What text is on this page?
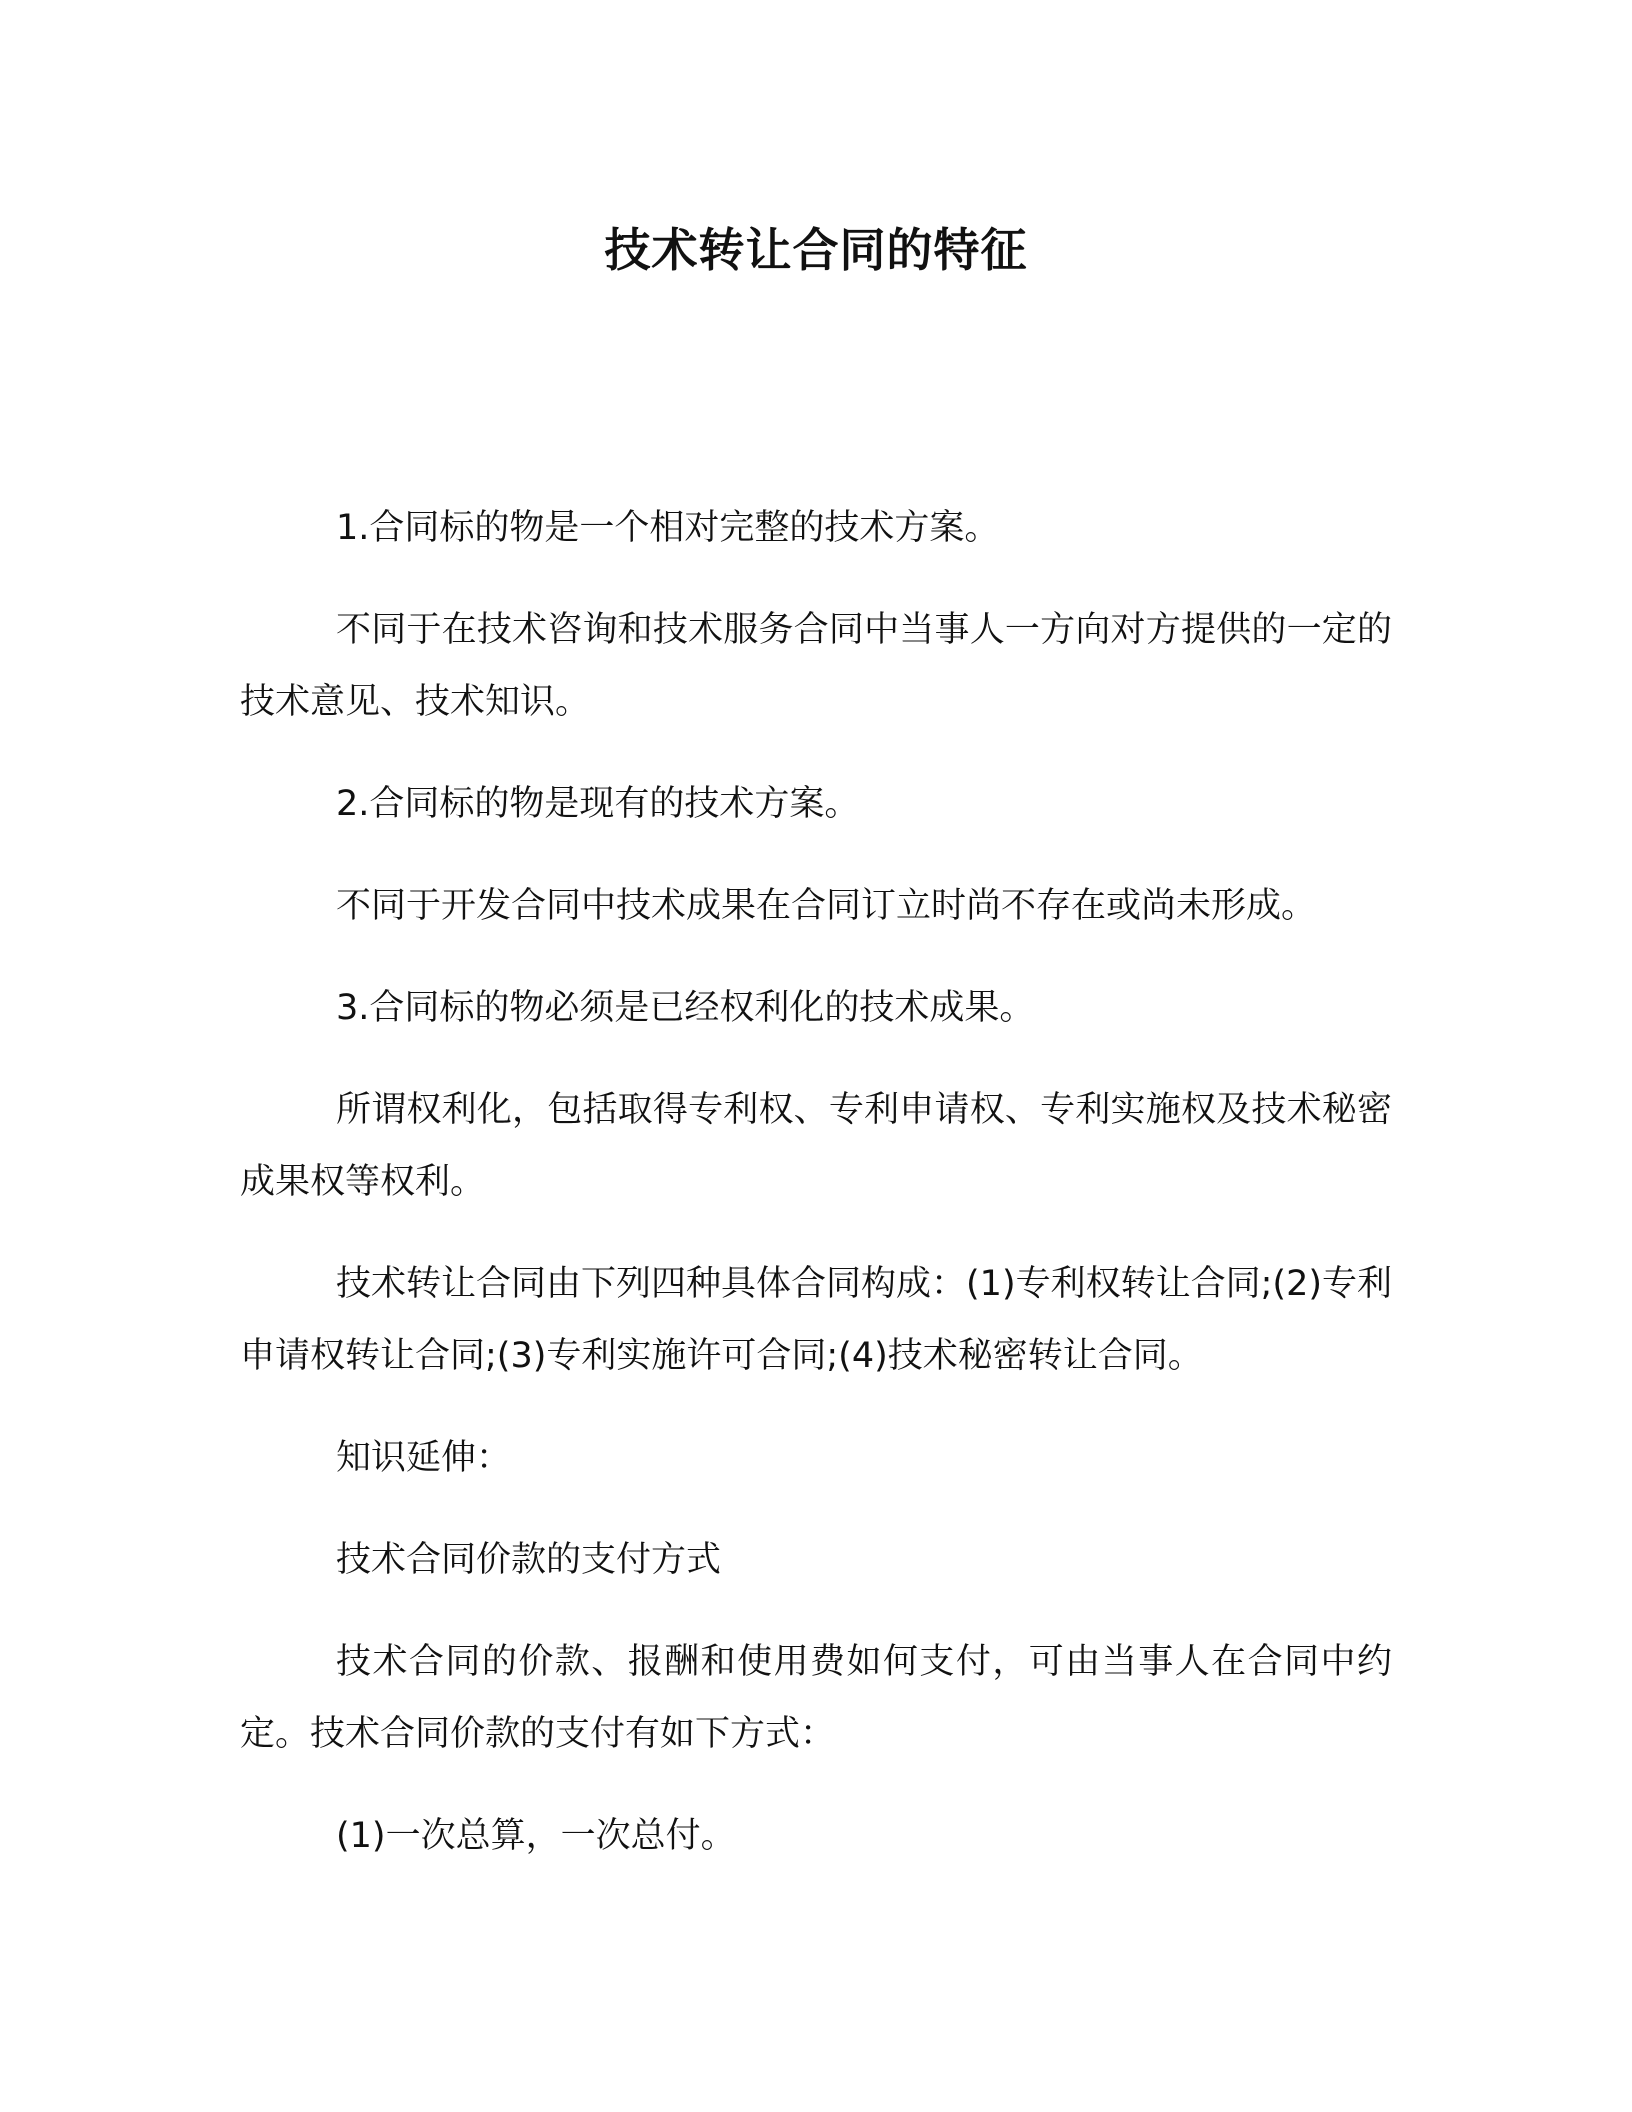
技术转让合同的特征

1.合同标的物是一个相对完整的技术方案。

不同于在技术咨询和技术服务合同中当事人一方向对方提供的一定的技术意见、技术知识。

2.合同标的物是现有的技术方案。

不同于开发合同中技术成果在合同订立时尚不存在或尚未形成。

3.合同标的物必须是已经权利化的技术成果。

所谓权利化，包括取得专利权、专利申请权、专利实施权及技术秘密成果权等权利。

技术转让合同由下列四种具体合同构成：(1)专利权转让合同;(2)专利申请权转让合同;(3)专利实施许可合同;(4)技术秘密转让合同。

知识延伸：

技术合同价款的支付方式

技术合同的价款、报酬和使用费如何支付，可由当事人在合同中约定。技术合同价款的支付有如下方式：

(1)一次总算，一次总付。
